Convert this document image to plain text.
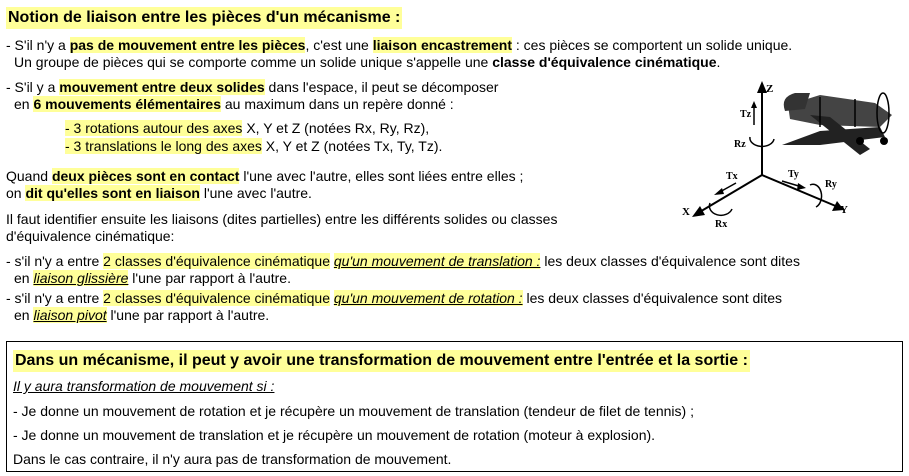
Notion de liaison entre les pièces d'un mécanisme :
- S'il n'y a pas de mouvement entre les pièces, c'est une liaison encastrement : ces pièces se comportent un solide unique.
Un groupe de pièces qui se comporte comme un solide unique s'appelle une classe d'équivalence cinématique.
- S'il y a mouvement entre deux solides dans l'espace, il peut se décomposer
en 6 mouvements élémentaires au maximum dans un repère donné :
- 3 rotations autour des axes X, Y et Z (notées Rx, Ry, Rz),
- 3 translations le long des axes X, Y et Z (notées Tx, Ty, Tz).
Quand deux pièces sont en contact l'une avec l'autre, elles sont liées entre elles ;
on dit qu'elles sont en liaison l'une avec l'autre.
Il faut identifier ensuite les liaisons (dites partielles) entre les différents solides ou classes
d'équivalence cinématique:
- s'il n'y a entre 2 classes d'équivalence cinématique qu'un mouvement de translation : les deux classes d'équivalence sont dites
en liaison glissière l'une par rapport à l'autre.
- s'il n'y a entre 2 classes d'équivalence cinématique qu'un mouvement de rotation : les deux classes d'équivalence sont dites
en liaison pivot l'une par rapport à l'autre.
Z
X	Y
Tz
Rz
Tx
Rx
Ty
Ry
Dans un mécanisme, il peut y avoir une transformation de mouvement entre l'entrée et la sortie :
Il y aura transformation de mouvement si :
- Je donne un mouvement de rotation et je récupère un mouvement de translation (tendeur de filet de tennis) ;
- Je donne un mouvement de translation et je récupère un mouvement de rotation (moteur à explosion).
Dans le cas contraire, il n'y aura pas de transformation de mouvement.
